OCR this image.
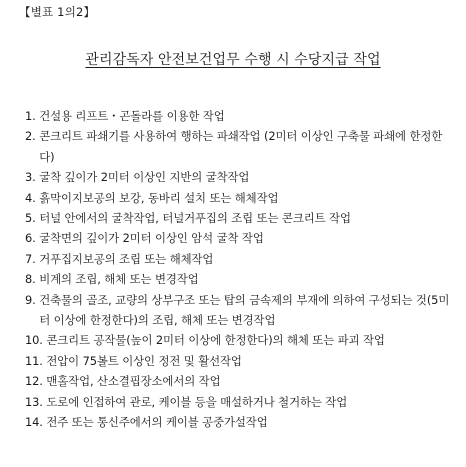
【별표 1의2】
관리감독자 안전보건업무 수행 시 수당지급 작업
1.
건설용 리프트・곤돌라를 이용한 작업
2.
콘크리트 파쇄기를 사용하여 행하는 파쇄작업 (2미터 이상인 구축물 파쇄에 한정한다)
3.
굴착 깊이가 2미터 이상인 지반의 굴착작업
4.
흙막이지보공의 보강, 동바리 설치 또는 해체작업
5.
터널 안에서의 굴착작업, 터널거푸집의 조립 또는 콘크리트 작업
6.
굴착면의 깊이가 2미터 이상인 암석 굴착 작업
7.
거푸집지보공의 조립 또는 해체작업
8.
비계의 조립, 해체 또는 변경작업
9.
건축물의 골조, 교량의 상부구조 또는 탑의 금속제의 부재에 의하여 구성되는 것(5미터 이상에 한정한다)의 조립, 해체 또는 변경작업
10.
콘크리트 공작물(높이 2미터 이상에 한정한다)의 해체 또는 파괴 작업
11.
전압이 75볼트 이상인 정전 및 활선작업
12.
맨홀작업, 산소결핍장소에서의 작업
13.
도로에 인접하여 관로, 케이블 등을 매설하거나 철거하는 작업
14.
전주 또는 통신주에서의 케이블 공중가설작업
